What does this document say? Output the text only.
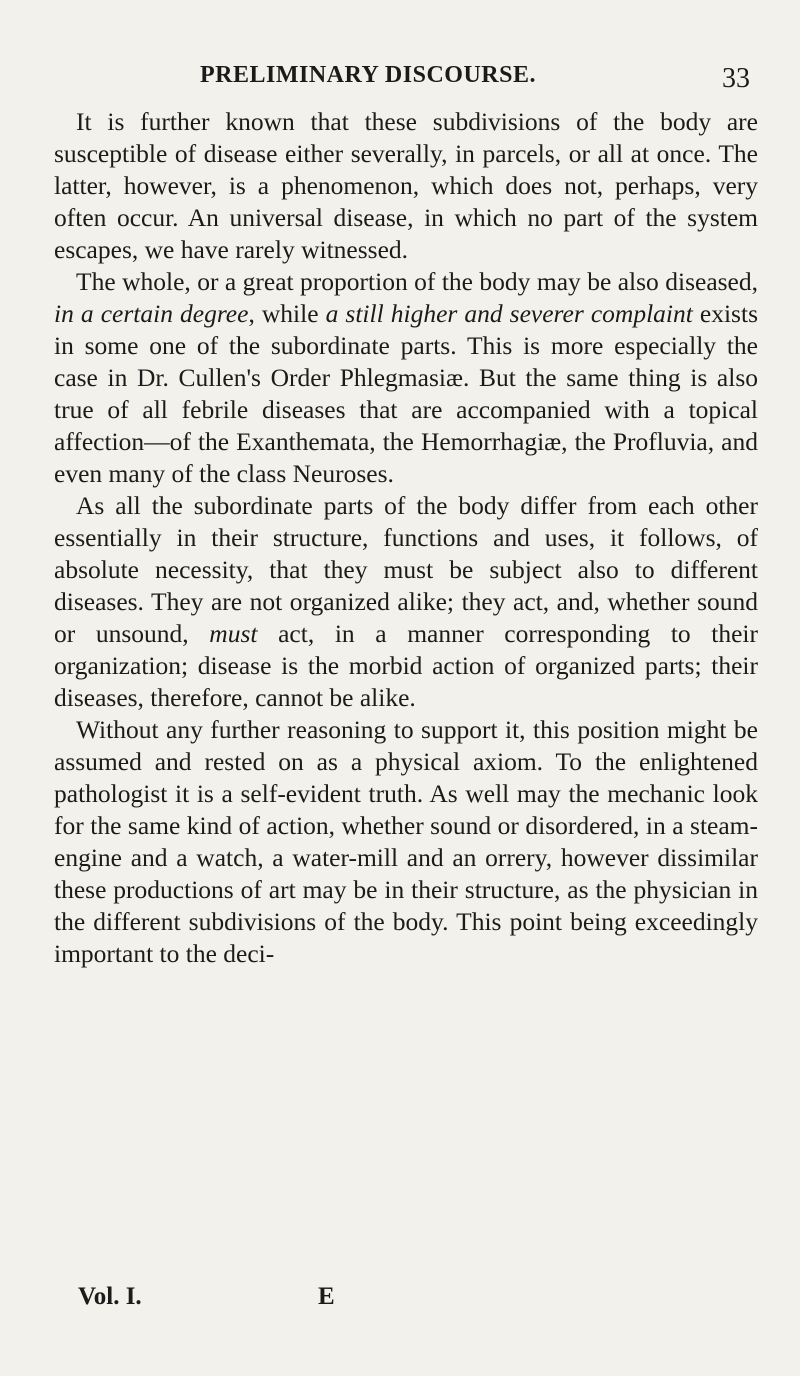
PRELIMINARY DISCOURSE.	33

It is further known that these subdivisions of the body are susceptible of disease either severally, in parcels, or all at once. The latter, however, is a phenomenon, which does not, perhaps, very often occur. An universal disease, in which no part of the system escapes, we have rarely witnessed.

The whole, or a great proportion of the body may be also diseased, in a certain degree, while a still higher and severer complaint exists in some one of the subordinate parts. This is more especially the case in Dr. Cullen's Order Phlegmasiæ. But the same thing is also true of all febrile diseases that are accompanied with a topical affection—of the Exanthemata, the Hemorrhagiæ, the Profluvia, and even many of the class Neuroses.

As all the subordinate parts of the body differ from each other essentially in their structure, functions and uses, it follows, of absolute necessity, that they must be subject also to different diseases. They are not organized alike; they act, and, whether sound or unsound, must act, in a manner corresponding to their organization; disease is the morbid action of organized parts; their diseases, therefore, cannot be alike.

Without any further reasoning to support it, this position might be assumed and rested on as a physical axiom. To the enlightened pathologist it is a self-evident truth. As well may the mechanic look for the same kind of action, whether sound or disordered, in a steam-engine and a watch, a water-mill and an orrery, however dissimilar these productions of art may be in their structure, as the physician in the different subdivisions of the body. This point being exceedingly important to the deci-

Vol. I.	E
